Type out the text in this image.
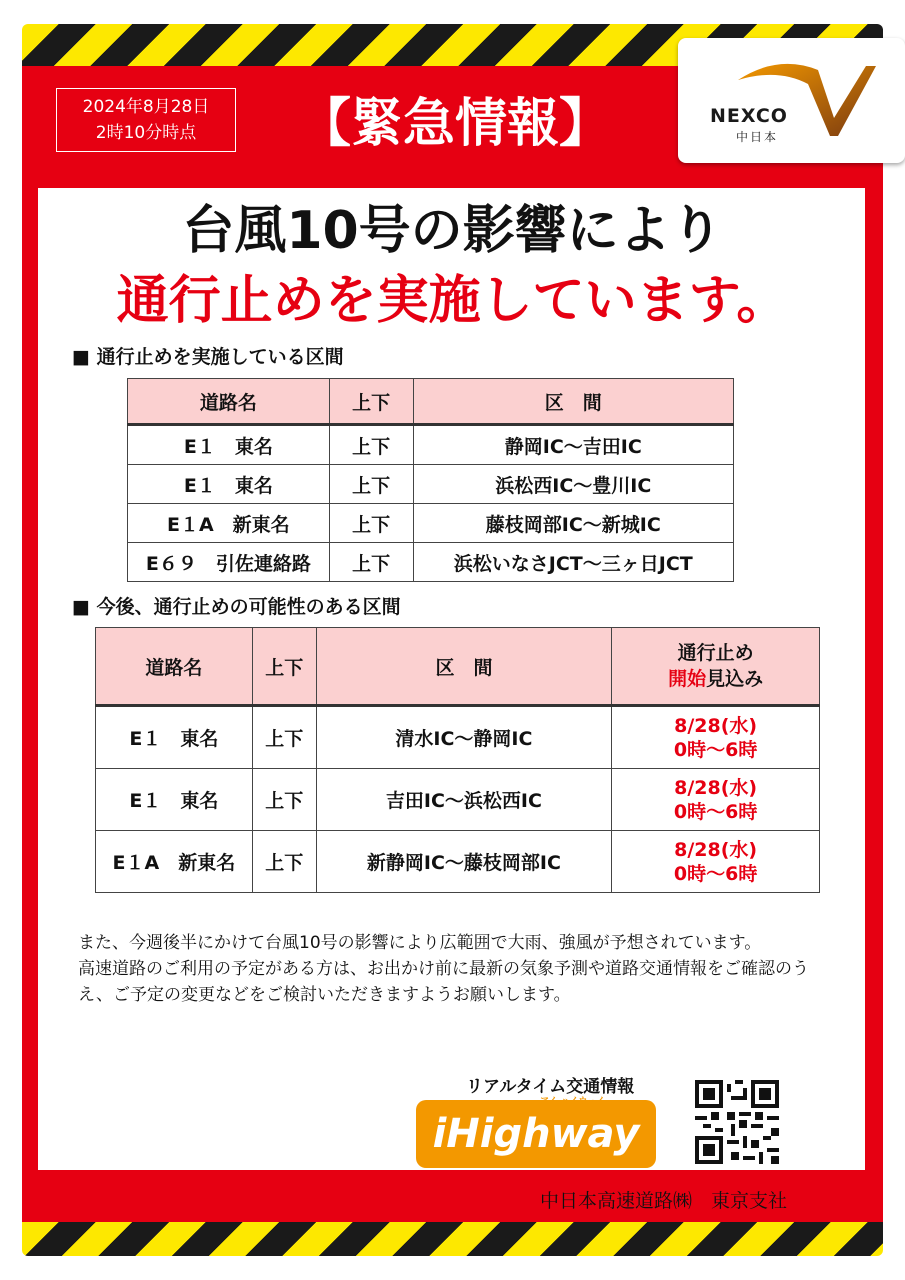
2024年8月28日
2時10分時点	【緊急情報】	NEXCO
中日本
台風10号の影響により
通行止めを実施しています。
■ 通行止めを実施している区間
道路名	上下	区　間
E１　東名	上下	静岡IC～吉田IC
E１　東名	上下	浜松西IC～豊川IC
E１A　新東名	上下	藤枝岡部IC～新城IC
E６９　引佐連絡路	上下	浜松いなさJCT～三ヶ日JCT
■ 今後、通行止めの可能性のある区間
道路名	上下	区　間	通行止め
開始見込み

E１　東名	上下	清水IC～静岡IC	8/28(水)
0時～6時

E１　東名	上下	吉田IC～浜松西IC	8/28(水)
0時～6時

E１A　新東名	上下	新静岡IC～藤枝岡部IC	8/28(水)
0時～6時

また、今週後半にかけて台風10号の影響により広範囲で大雨、強風が予想されています。

高速道路のご利用の予定がある方は、お出かけ前に最新の気象予測や道路交通情報をご確認のうえ、ご予定の変更などをご検討いただきますようお願いします。

リアルタイム交通情報
iHighway
アイ ハイウェイ
中日本高速道路㈱　東京支社
